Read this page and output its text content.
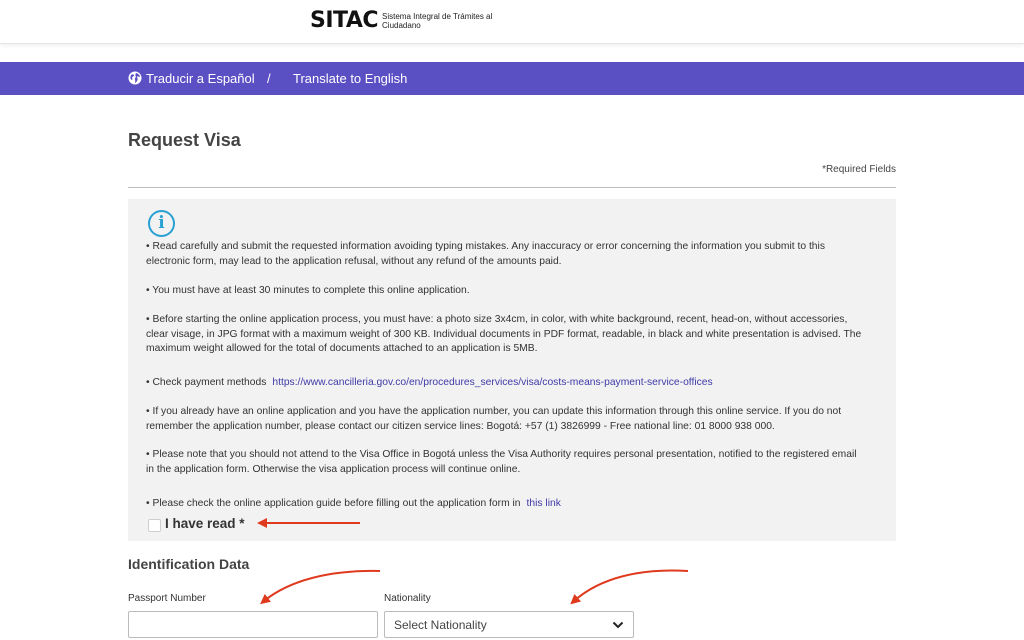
SITAC Sistema Integral de Trámites al Ciudadano
Traducir a Español / Translate to English
Request Visa
*Required Fields
i

• Read carefully and submit the requested information avoiding typing mistakes. Any inaccuracy or error concerning the information you submit to this electronic form, may lead to the application refusal, without any refund of the amounts paid.

• You must have at least 30 minutes to complete this online application.

• Before starting the online application process, you must have: a photo size 3x4cm, in color, with white background, recent, head-on, without accessories, clear visage, in JPG format with a maximum weight of 300 KB. Individual documents in PDF format, readable, in black and white presentation is advised. The maximum weight allowed for the total of documents attached to an application is 5MB.

• Check payment methods https://www.cancilleria.gov.co/en/procedures_services/visa/costs-means-payment-service-offices

• If you already have an online application and you have the application number, you can update this information through this online service. If you do not remember the application number, please contact our citizen service lines: Bogotá: +57 (1) 3826999 - Free national line: 01 8000 938 000.

• Please note that you should not attend to the Visa Office in Bogotá unless the Visa Authority requires personal presentation, notified to the registered email in the application form. Otherwise the visa application process will continue online.

• Please check the online application guide before filling out the application form in this link

I have read *
Identification Data
Passport Number	Nationality
Select Nationality
